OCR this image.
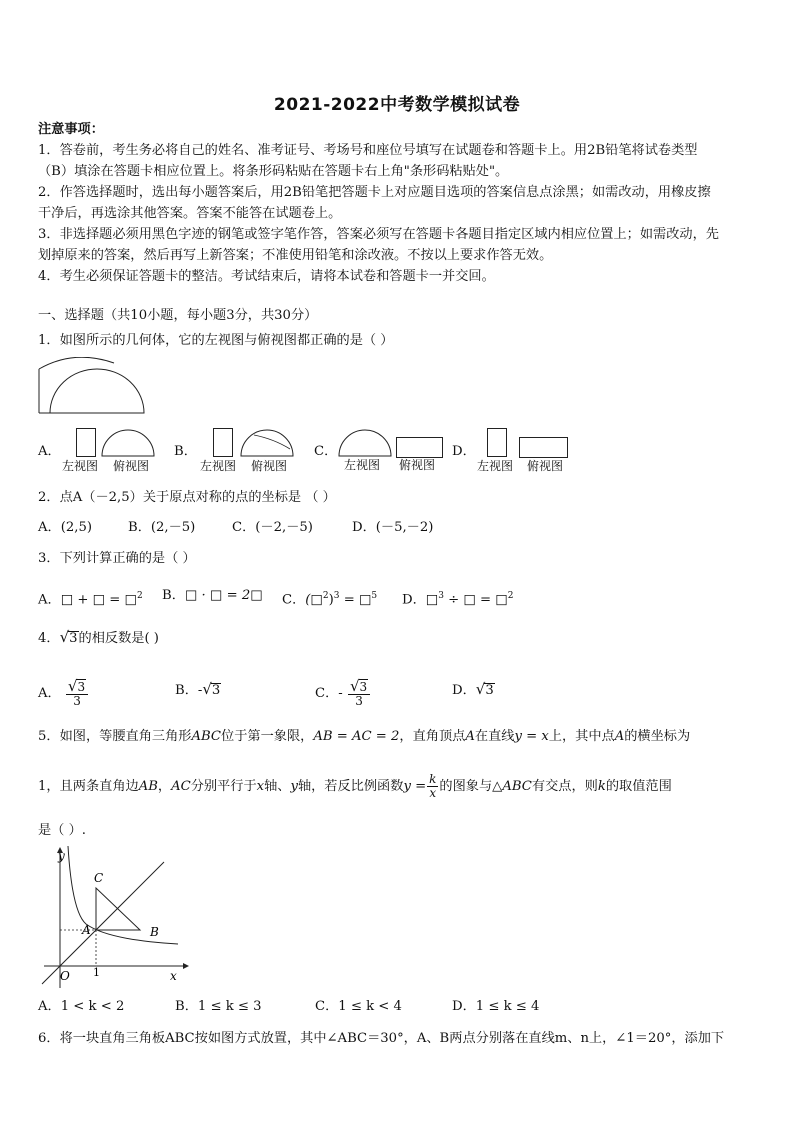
2021-2022中考数学模拟试卷
注意事项：
1．答卷前，考生务必将自己的姓名、准考证号、考场号和座位号填写在试题卷和答题卡上。用2B铅笔将试卷类型
（B）填涂在答题卡相应位置上。将条形码粘贴在答题卡右上角"条形码粘贴处"。
2．作答选择题时，选出每小题答案后，用2B铅笔把答题卡上对应题目选项的答案信息点涂黑；如需改动，用橡皮擦
干净后，再选涂其他答案。答案不能答在试题卷上。
3．非选择题必须用黑色字迹的钢笔或签字笔作答，答案必须写在答题卡各题目指定区域内相应位置上；如需改动，先
划掉原来的答案，然后再写上新答案；不准使用铅笔和涂改液。不按以上要求作答无效。
4．考生必须保证答题卡的整洁。考试结束后，请将本试卷和答题卡一并交回。
一、选择题（共10小题，每小题3分，共30分）
1．如图所示的几何体，它的左视图与俯视图都正确的是（ ）
A．
左视图 俯视图
B．
左视图 俯视图
C．
左视图 俯视图
D．
左视图 俯视图
2．点A（－2,5）关于原点对称的点的坐标是 （ ）
A．(2,5)	B．(2,－5)	C．(－2,－5)	D．(－5,－2)
3．下列计算正确的是（ ）
A．□ + □ = □$^2$ B．□ · □ = 2□ C．(□$^2$)$^3$ = □$^5$ D．□$^3$ ÷ □ = □$^2$
4．√3的相反数是( )
A． $\frac{√3}{3}$	B．-√3	C．- $\frac{√3}{3}$	D．√3
5．如图，等腰直角三角形ABC位于第一象限，AB = AC = 2，直角顶点A在直线y = x上，其中点A的横坐标为
1，且两条直角边AB，AC分别平行于x轴、y轴，若反比例函数$y = \frac{k}{x}$ 的图象与△ABC有交点，则k的取值范围
是（ ）.
y
x
O 1
A	B
C
A．1 < k < 2	B．1 ≤ k ≤ 3	C．1 ≤ k < 4	D．1 ≤ k ≤ 4
6．将一块直角三角板ABC按如图方式放置，其中∠ABC＝30°，A、B两点分别落在直线m、n上，∠1＝20°，添加下
